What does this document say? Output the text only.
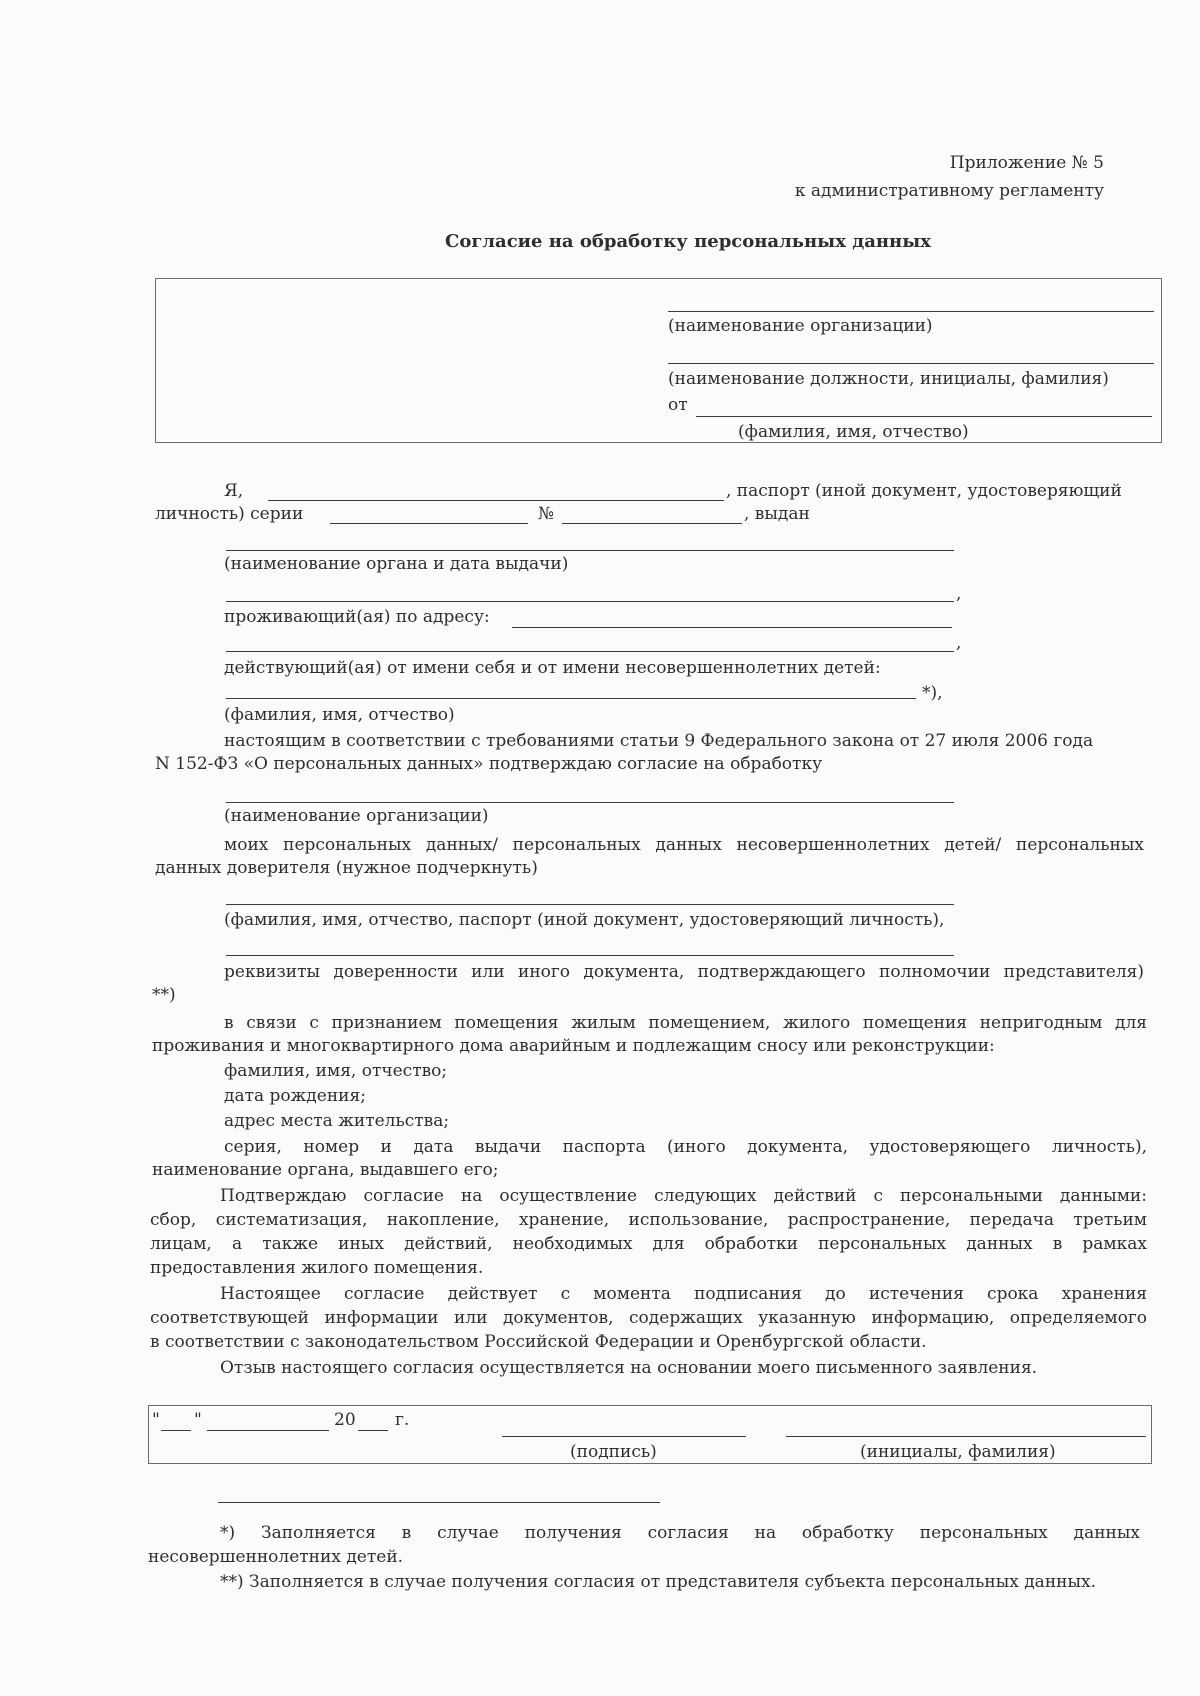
Приложение № 5
к административному регламенту
Согласие на обработку персональных данных
(наименование организации)
(наименование должности, инициалы, фамилия)
от
(фамилия, имя, отчество)
Я,	, паспорт (иной документ, удостоверяющий
личность) серии	№	, выдан
(наименование органа и дата выдачи)
,
проживающий(ая) по адресу:
,
действующий(ая) от имени себя и от имени несовершеннолетних детей:
*),
(фамилия, имя, отчество)
настоящим в соответствии с требованиями статьи 9 Федерального закона от 27 июля 2006 года
N 152-ФЗ «О персональных данных» подтверждаю согласие на обработку
(наименование организации)
моих персональных данных/ персональных данных несовершеннолетних детей/ персональных
данных доверителя (нужное подчеркнуть)
(фамилия, имя, отчество, паспорт (иной документ, удостоверяющий личность),
реквизиты доверенности или иного документа, подтверждающего полномочии представителя)
**)
в связи с признанием помещения жилым помещением, жилого помещения непригодным для
проживания и многоквартирного дома аварийным и подлежащим сносу или реконструкции:
фамилия, имя, отчество;
дата рождения;
адрес места жительства;
серия, номер и дата выдачи паспорта (иного документа, удостоверяющего личность),
наименование органа, выдавшего его;
Подтверждаю согласие на осуществление следующих действий с персональными данными:
сбор, систематизация, накопление, хранение, использование, распространение, передача третьим
лицам, а также иных действий, необходимых для обработки персональных данных в рамках
предоставления жилого помещения.
Настоящее согласие действует с момента подписания до истечения срока хранения
соответствующей информации или документов, содержащих указанную информацию, определяемого
в соответствии с законодательством Российской Федерации и Оренбургской области.
Отзыв настоящего согласия осуществляется на основании моего письменного заявления.
" "	20 г.
(подпись)	(инициалы, фамилия)
*) Заполняется в случае получения согласия на обработку персональных данных
несовершеннолетних детей.
**) Заполняется в случае получения согласия от представителя субъекта персональных данных.
